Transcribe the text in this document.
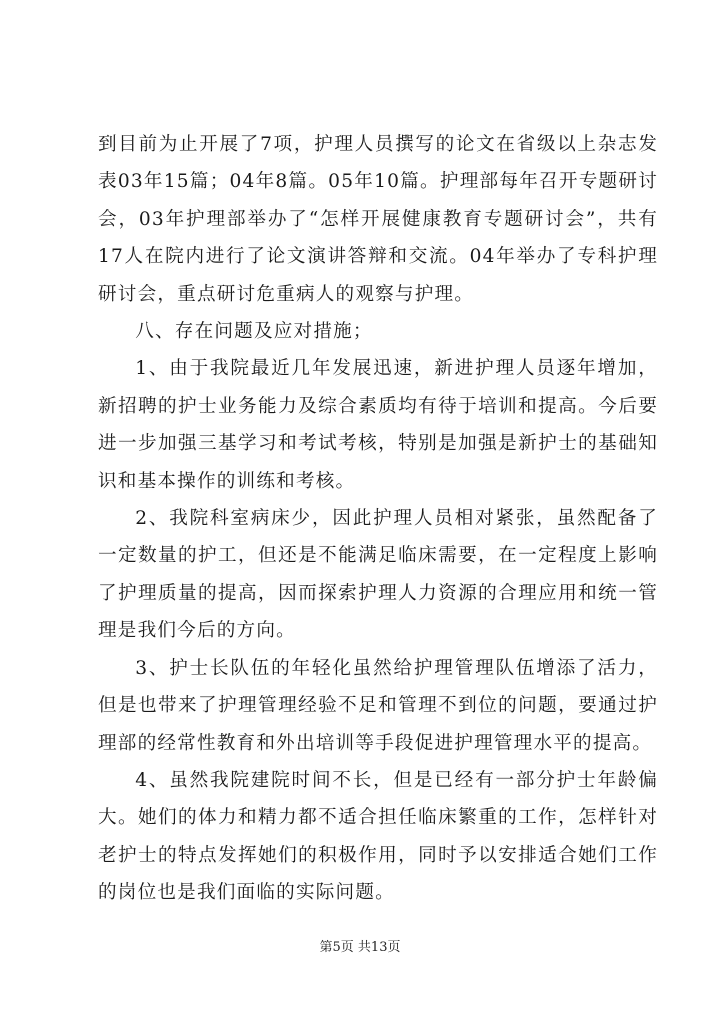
到目前为止开展了7项，护理人员撰写的论文在省级以上杂志发表03年15篇；04年8篇。05年10篇。护理部每年召开专题研讨会，03年护理部举办了“怎样开展健康教育专题研讨会”，共有17人在院内进行了论文演讲答辩和交流。04年举办了专科护理研讨会，重点研讨危重病人的观察与护理。

八、存在问题及应对措施；

1、由于我院最近几年发展迅速，新进护理人员逐年增加，新招聘的护士业务能力及综合素质均有待于培训和提高。今后要进一步加强三基学习和考试考核，特别是加强是新护士的基础知识和基本操作的训练和考核。

2、我院科室病床少，因此护理人员相对紧张，虽然配备了一定数量的护工，但还是不能满足临床需要，在一定程度上影响了护理质量的提高，因而探索护理人力资源的合理应用和统一管理是我们今后的方向。

3、护士长队伍的年轻化虽然给护理管理队伍增添了活力，但是也带来了护理管理经验不足和管理不到位的问题，要通过护理部的经常性教育和外出培训等手段促进护理管理水平的提高。

4、虽然我院建院时间不长，但是已经有一部分护士年龄偏大。她们的体力和精力都不适合担任临床繁重的工作，怎样针对老护士的特点发挥她们的积极作用，同时予以安排适合她们工作的岗位也是我们面临的实际问题。

第5页 共13页
